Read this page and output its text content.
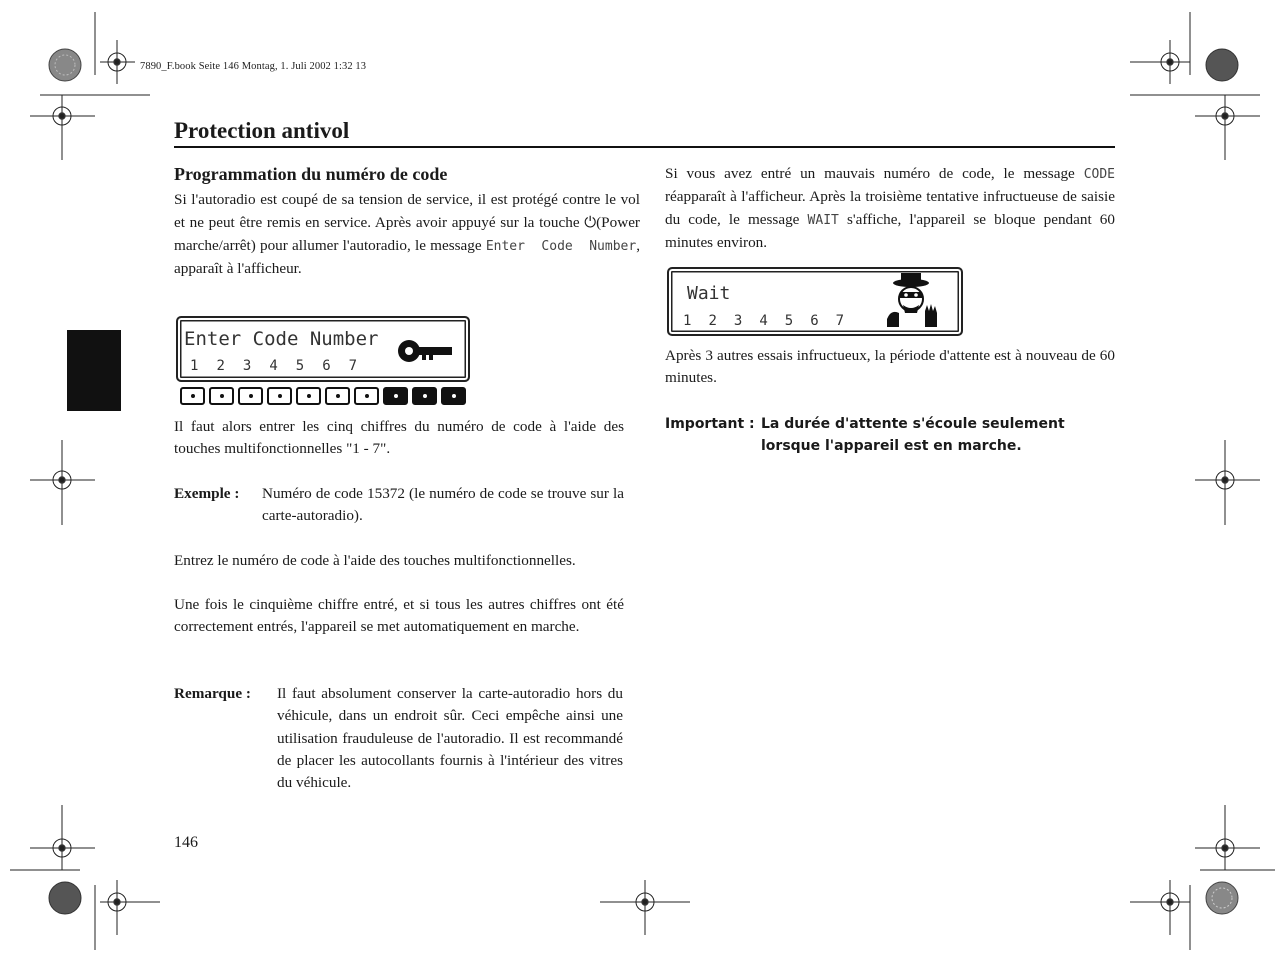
7890_F.book Seite 146 Montag, 1. Juli 2002 1:32 13
Protection antivol
Programmation du numéro de code
Si l'autoradio est coupé de sa tension de service, il est protégé contre le vol et ne peut être remis en service. Après avoir appuyé sur la touche ⏻(Power marche/arrêt) pour allumer l'autoradio, le message Enter  Code  Number, apparaît à l'afficheur.
Enter Code Number
1 2 3 4 5 6 7
Il faut alors entrer les cinq chiffres du numéro de code à l'aide des touches multifonctionnelles "1 - 7".
Exemple : Numéro de code 15372 (le numéro de code se trouve sur la carte-autoradio).
Entrez le numéro de code à l'aide des touches multifonctionnelles.
Une fois le cinquième chiffre entré, et si tous les autres chiffres ont été correctement entrés, l'appareil se met automatiquement en marche.
Remarque : Il faut absolument conserver la carte-autoradio hors du véhicule, dans un endroit sûr. Ceci empêche ainsi une utilisation frauduleuse de l'autoradio. Il est recommandé de placer les autocollants fournis à l'intérieur des vitres du véhicule.
146
Si vous avez entré un mauvais numéro de code, le message CODE réapparaît à l'afficheur. Après la troisième tentative infructueuse de saisie du code, le message WAIT s'affiche, l'appareil se bloque pendant 60 minutes environ.
Wait
1 2 3 4 5 6 7
Après 3 autres essais infructueux, la période d'attente est à nouveau de 60 minutes.
Important : La durée d'attente s'écoule seulement lorsque l'appareil est en marche.
